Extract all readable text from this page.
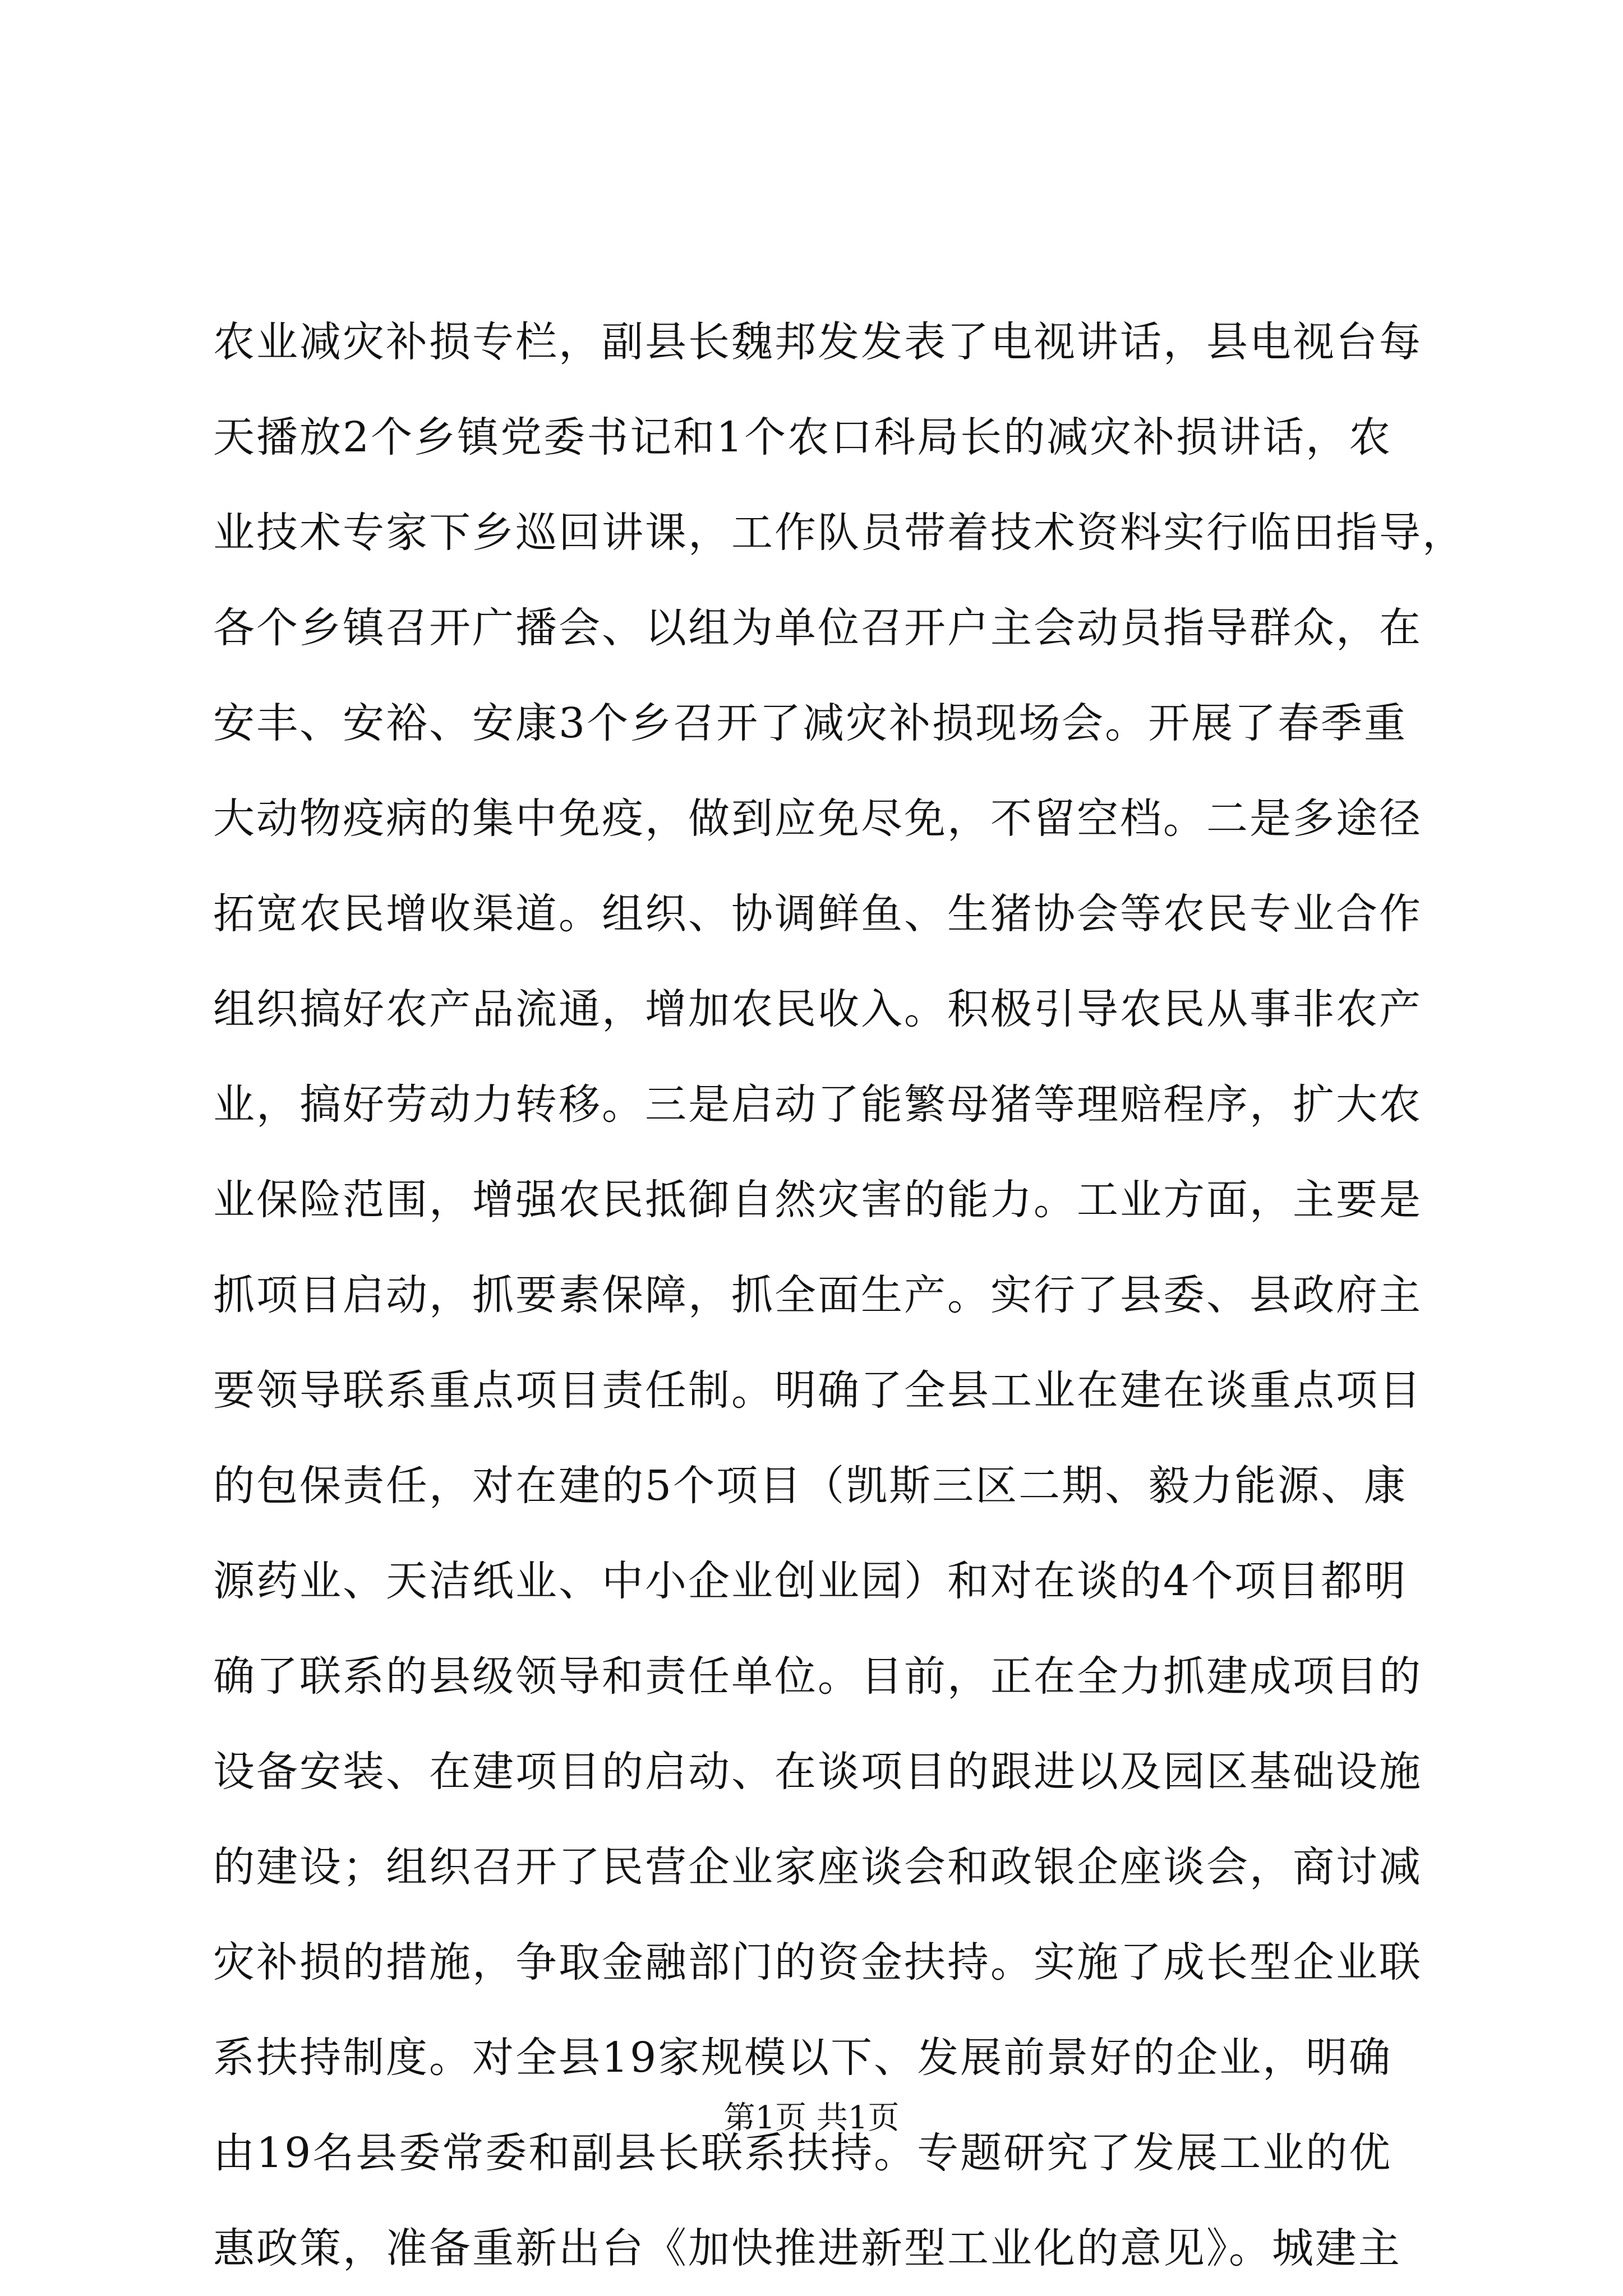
农业减灾补损专栏，副县长魏邦发发表了电视讲话，县电视台每
天播放2个乡镇党委书记和1个农口科局长的减灾补损讲话，农
业技术专家下乡巡回讲课，工作队员带着技术资料实行临田指导，
各个乡镇召开广播会、以组为单位召开户主会动员指导群众，在
安丰、安裕、安康3个乡召开了减灾补损现场会。开展了春季重
大动物疫病的集中免疫，做到应免尽免，不留空档。二是多途径
拓宽农民增收渠道。组织、协调鲜鱼、生猪协会等农民专业合作
组织搞好农产品流通，增加农民收入。积极引导农民从事非农产
业，搞好劳动力转移。三是启动了能繁母猪等理赔程序，扩大农
业保险范围，增强农民抵御自然灾害的能力。工业方面，主要是
抓项目启动，抓要素保障，抓全面生产。实行了县委、县政府主
要领导联系重点项目责任制。明确了全县工业在建在谈重点项目
的包保责任，对在建的5个项目（凯斯三区二期、毅力能源、康
源药业、天洁纸业、中小企业创业园）和对在谈的4个项目都明
确了联系的县级领导和责任单位。目前，正在全力抓建成项目的
设备安装、在建项目的启动、在谈项目的跟进以及园区基础设施
的建设；组织召开了民营企业家座谈会和政银企座谈会，商讨减
灾补损的措施，争取金融部门的资金扶持。实施了成长型企业联
系扶持制度。对全县19家规模以下、发展前景好的企业，明确
由19名县委常委和副县长联系扶持。专题研究了发展工业的优
惠政策，准备重新出台《加快推进新型工业化的意见》。城建主
第1页 共1页
